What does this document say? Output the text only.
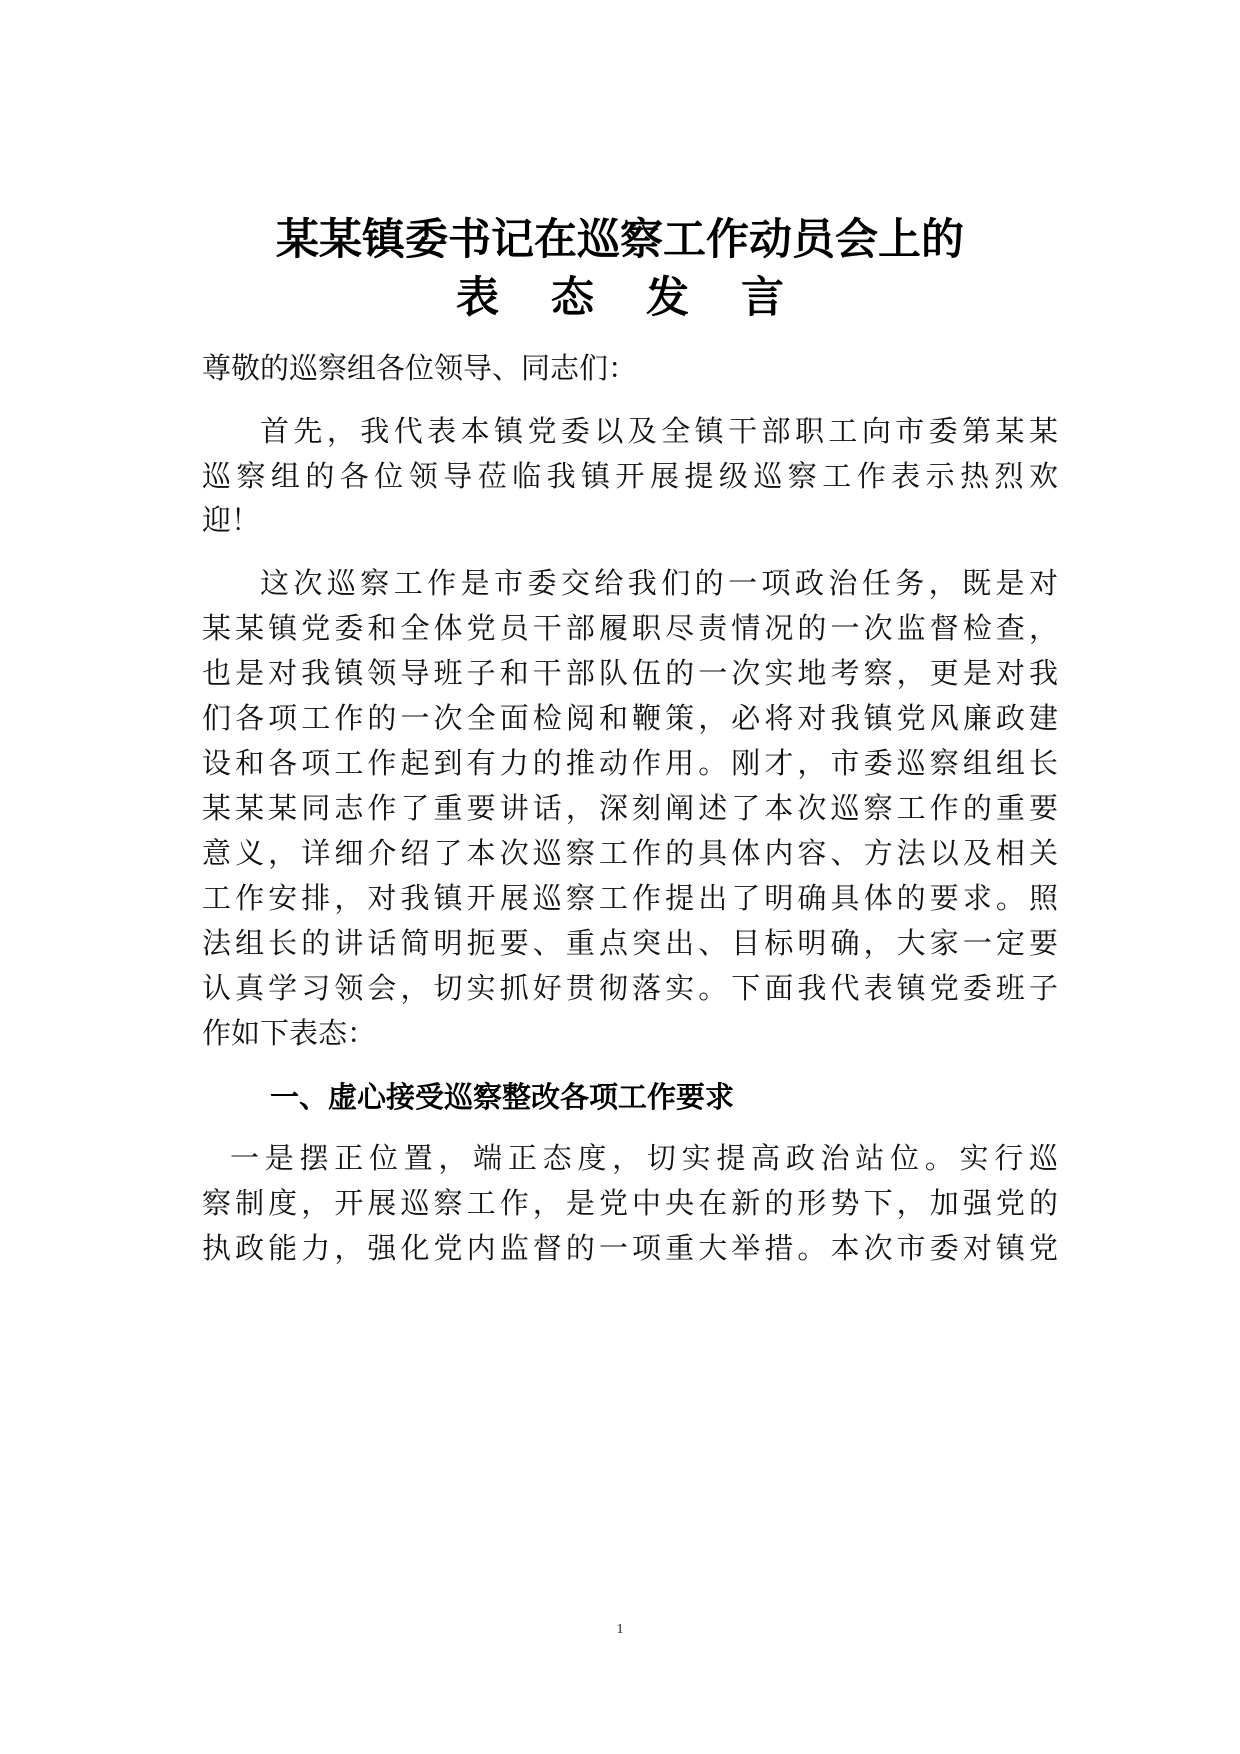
某某镇委书记在巡察工作动员会上的
表态发言
尊敬的巡察组各位领导、同志们：
首先，我代表本镇党委以及全镇干部职工向市委第某某
巡察组的各位领导莅临我镇开展提级巡察工作表示热烈欢
迎！
这次巡察工作是市委交给我们的一项政治任务，既是对
某某镇党委和全体党员干部履职尽责情况的一次监督检查，
也是对我镇领导班子和干部队伍的一次实地考察，更是对我
们各项工作的一次全面检阅和鞭策，必将对我镇党风廉政建
设和各项工作起到有力的推动作用。刚才，市委巡察组组长
某某某同志作了重要讲话，深刻阐述了本次巡察工作的重要
意义，详细介绍了本次巡察工作的具体内容、方法以及相关
工作安排，对我镇开展巡察工作提出了明确具体的要求。照
法组长的讲话简明扼要、重点突出、目标明确，大家一定要
认真学习领会，切实抓好贯彻落实。下面我代表镇党委班子
作如下表态：
一、虚心接受巡察整改各项工作要求
一是摆正位置，端正态度，切实提高政治站位。实行巡
察制度，开展巡察工作，是党中央在新的形势下，加强党的
执政能力，强化党内监督的一项重大举措。本次市委对镇党
1
